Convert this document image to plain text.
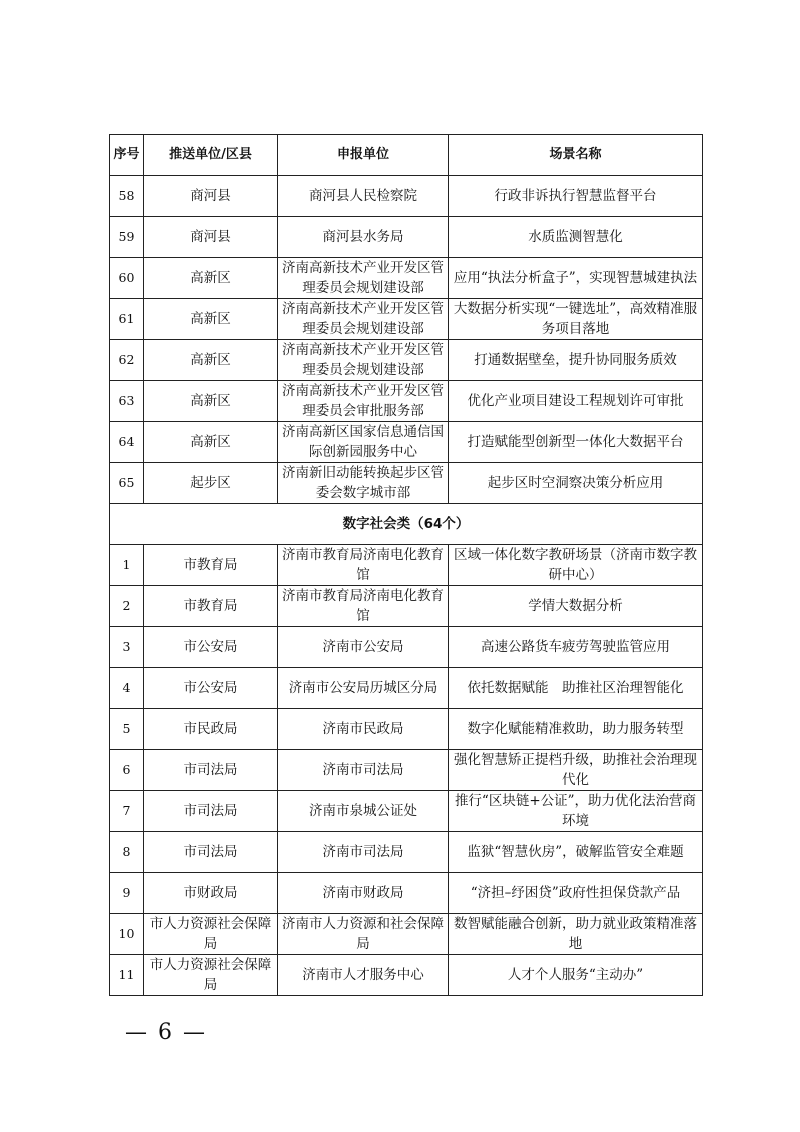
序号	推送单位/区县	申报单位	场景名称
58	商河县	商河县人民检察院	行政非诉执行智慧监督平台
59	商河县	商河县水务局	水质监测智慧化
60	高新区	济南高新技术产业开发区管理委员会规划建设部	应用“执法分析盒子”，实现智慧城建执法
61	高新区	济南高新技术产业开发区管理委员会规划建设部	大数据分析实现“一键选址”，高效精准服务项目落地
62	高新区	济南高新技术产业开发区管理委员会规划建设部	打通数据壁垒，提升协同服务质效
63	高新区	济南高新技术产业开发区管理委员会审批服务部	优化产业项目建设工程规划许可审批
64	高新区	济南高新区国家信息通信国际创新园服务中心	打造赋能型创新型一体化大数据平台
65	起步区	济南新旧动能转换起步区管委会数字城市部	起步区时空洞察决策分析应用
数字社会类（64个）			
1	市教育局	济南市教育局济南电化教育馆	区域一体化数字教研场景（济南市数字教研中心）
2	市教育局	济南市教育局济南电化教育馆	学情大数据分析
3	市公安局	济南市公安局	高速公路货车疲劳驾驶监管应用
4	市公安局	济南市公安局历城区分局	依托数据赋能　助推社区治理智能化
5	市民政局	济南市民政局	数字化赋能精准救助，助力服务转型
6	市司法局	济南市司法局	强化智慧矫正提档升级，助推社会治理现代化
7	市司法局	济南市泉城公证处	推行“区块链+公证”，助力优化法治营商环境
8	市司法局	济南市司法局	监狱“智慧伙房”，破解监管安全难题
9	市财政局	济南市财政局	“济担–纾困贷”政府性担保贷款产品
10	市人力资源社会保障局	济南市人力资源和社会保障局	数智赋能融合创新，助力就业政策精准落地
11	市人力资源社会保障局	济南市人才服务中心	人才个人服务“主动办”
— 6 —
